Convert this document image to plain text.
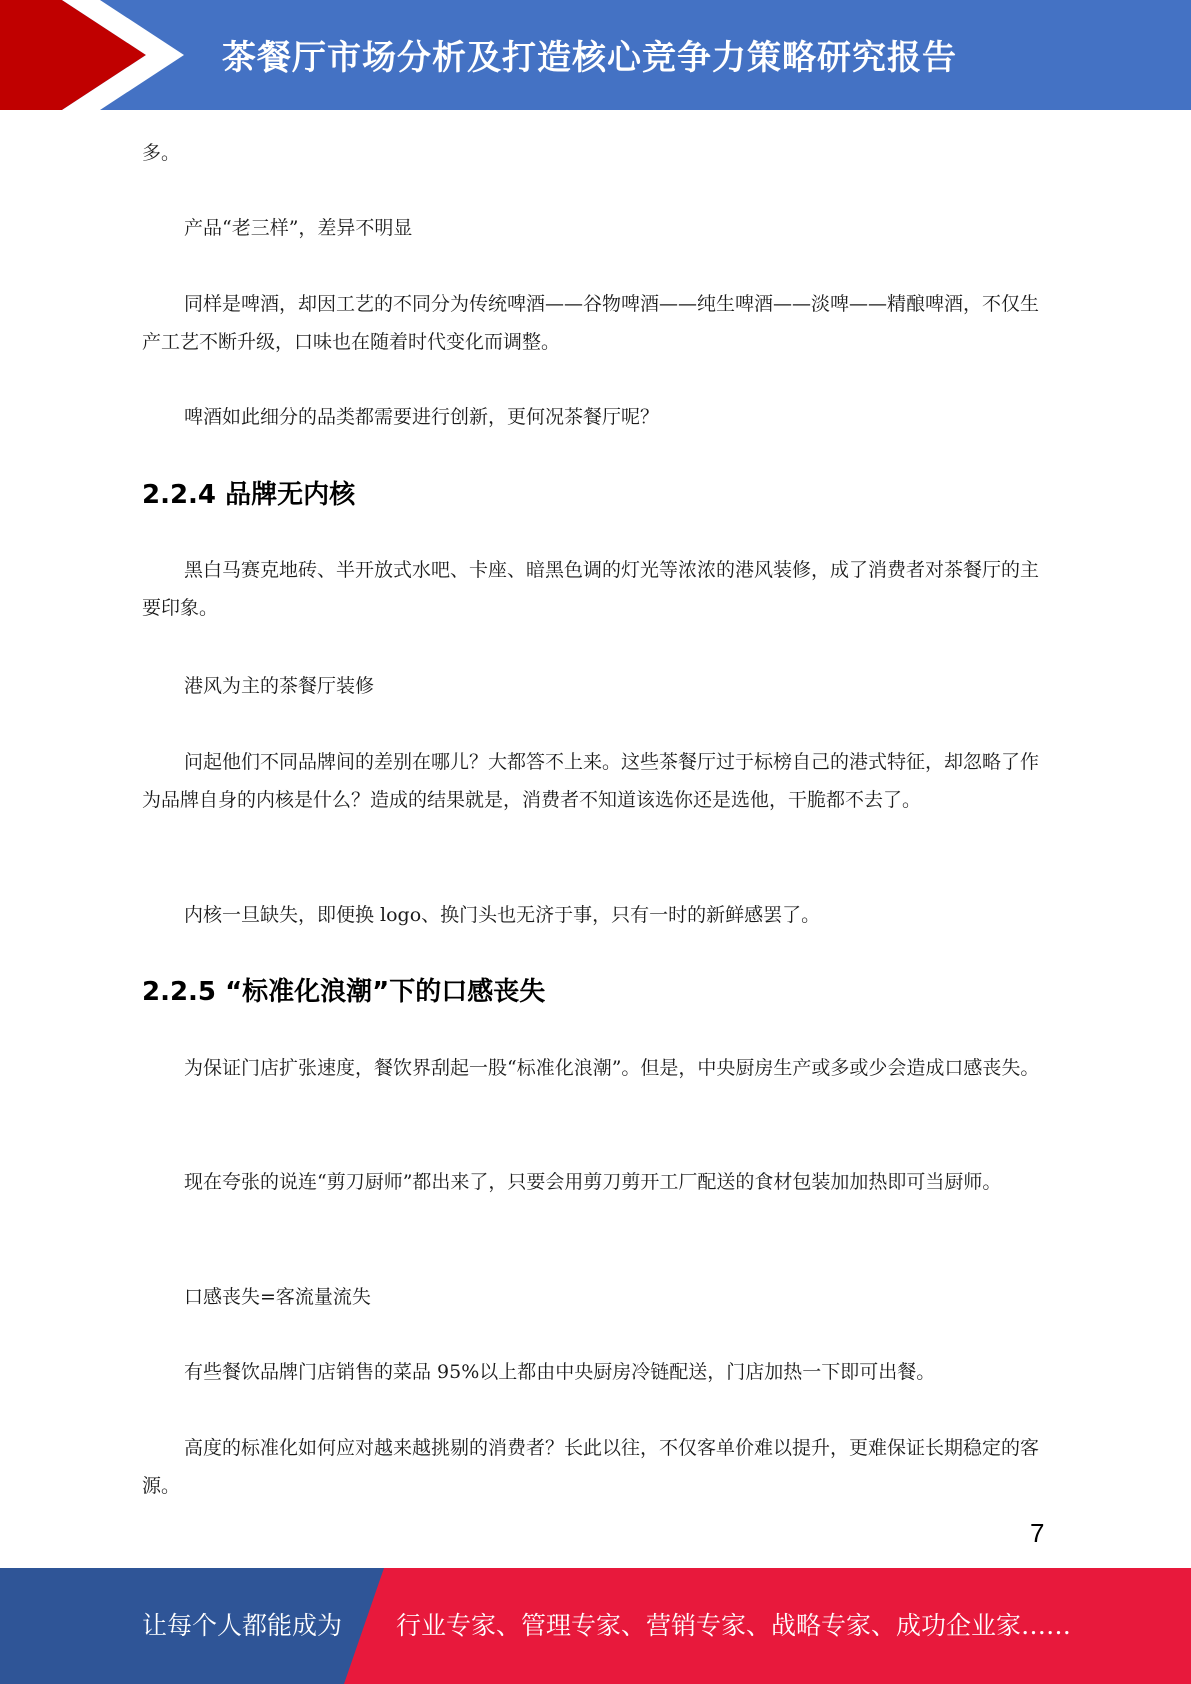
茶餐厅市场分析及打造核心竞争力策略研究报告

多。

产品“老三样”，差异不明显

同样是啤酒，却因工艺的不同分为传统啤酒——谷物啤酒——纯生啤酒——淡啤——精酿啤酒，不仅生产工艺不断升级，口味也在随着时代变化而调整。

啤酒如此细分的品类都需要进行创新，更何况茶餐厅呢？

2.2.4 品牌无内核

黑白马赛克地砖、半开放式水吧、卡座、暗黑色调的灯光等浓浓的港风装修，成了消费者对茶餐厅的主要印象。

港风为主的茶餐厅装修

问起他们不同品牌间的差别在哪儿？大都答不上来。这些茶餐厅过于标榜自己的港式特征，却忽略了作为品牌自身的内核是什么？造成的结果就是，消费者不知道该选你还是选他，干脆都不去了。

内核一旦缺失，即便换 logo、换门头也无济于事，只有一时的新鲜感罢了。

2.2.5 “标准化浪潮”下的口感丧失

为保证门店扩张速度，餐饮界刮起一股“标准化浪潮”。但是，中央厨房生产或多或少会造成口感丧失。

现在夸张的说连“剪刀厨师”都出来了，只要会用剪刀剪开工厂配送的食材包装加加热即可当厨师。

口感丧失=客流量流失

有些餐饮品牌门店销售的菜品 95%以上都由中央厨房冷链配送，门店加热一下即可出餐。

高度的标准化如何应对越来越挑剔的消费者？长此以往，不仅客单价难以提升，更难保证长期稳定的客源。

7
让每个人都能成为 行业专家、管理专家、营销专家、战略专家、成功企业家……
